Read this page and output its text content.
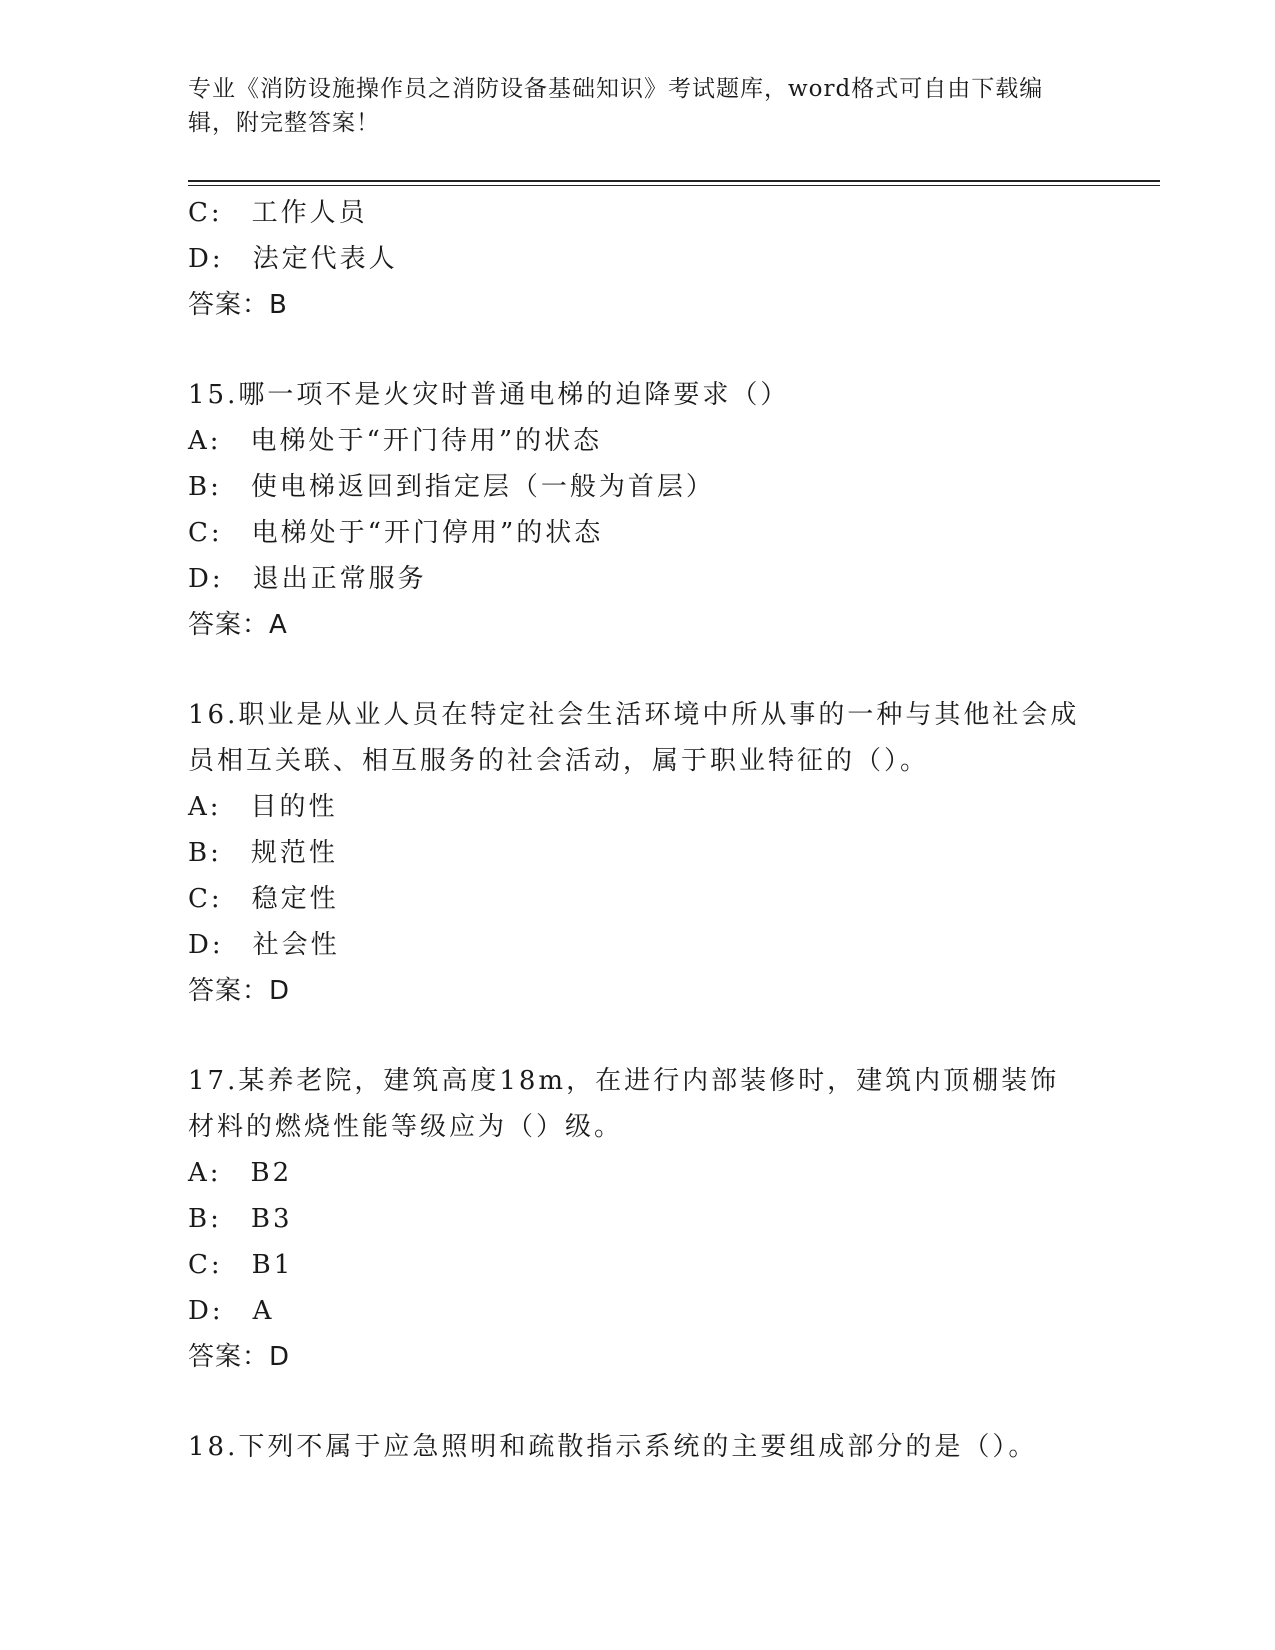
专业《消防设施操作员之消防设备基础知识》考试题库，word格式可自由下载编辑，附完整答案！
C:　工作人员
D:　法定代表人
答案：B
15.哪一项不是火灾时普通电梯的迫降要求（）
A:　电梯处于“开门待用”的状态
B:　使电梯返回到指定层（一般为首层）
C:　电梯处于“开门停用”的状态
D:　退出正常服务
答案：A
16.职业是从业人员在特定社会生活环境中所从事的一种与其他社会成员相互关联、相互服务的社会活动，属于职业特征的（）。
A:　目的性
B:　规范性
C:　稳定性
D:　社会性
答案：D
17.某养老院，建筑高度18m，在进行内部装修时，建筑内顶棚装饰材料的燃烧性能等级应为（）级。
A:　B2
B:　B3
C:　B1
D:　A
答案：D
18.下列不属于应急照明和疏散指示系统的主要组成部分的是（）。
